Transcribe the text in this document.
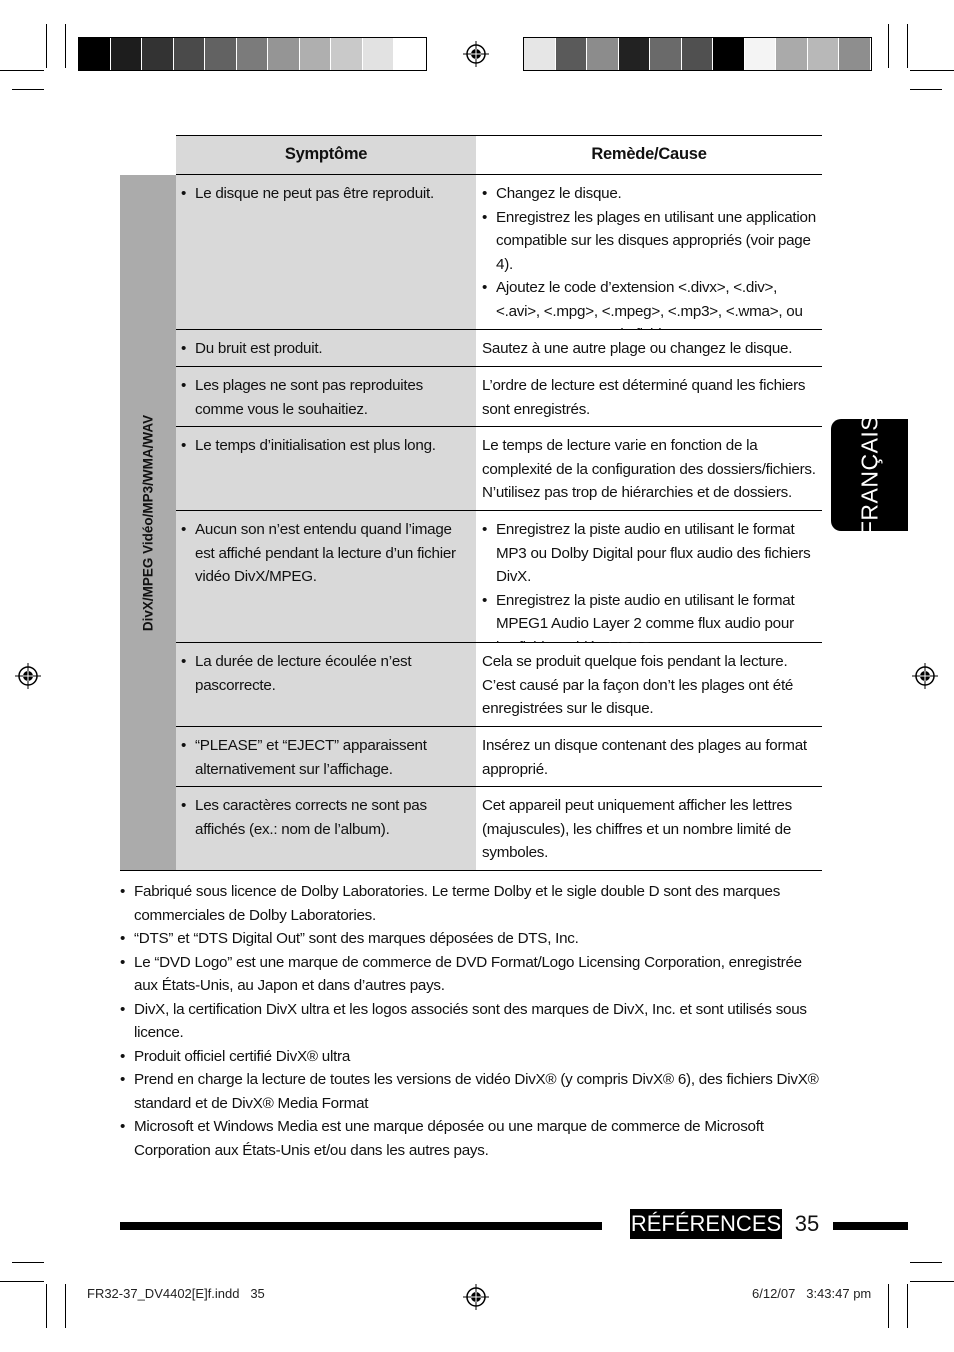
Symptôme	Remède/Cause
DivX/MPEG Vidéo/MP3/WMA/WAV
• Le disque ne peut pas être reproduit.
•	Changez le disque.
• Enregistrez les plages en utilisant une application compatible sur les disques appropriés (voir page 4).
• Ajoutez le code d’extension <.divx>, <.div>, <.avi>, <.mpg>, <.mpeg>, <.mp3>, <.wma>, ou
• Du bruit est produit.	Sautez à une autre plage ou changez le disque.
• Les plages ne sont pas reproduites comme vous le souhaitiez.
L’ordre de lecture est déterminé quand les fichiers sont enregistrés.
• Le temps d’initialisation est plus long.	Le temps de lecture varie en fonction de la complexité de la configuration des dossiers/fichiers. N’utilisez pas trop de hiérarchies et de dossiers.
• Aucun son n’est entendu quand l’image est affiché pendant la lecture d’un fichier vidéo DivX/MPEG.
• Enregistrez la piste audio en utilisant le format MP3 ou Dolby Digital pour flux audio des fichiers DivX.
• Enregistrez la piste audio en utilisant le format MPEG1 Audio Layer 2 comme flux audio pour
• La durée de lecture écoulée n’est pascorrecte.
Cela se produit quelque fois pendant la lecture. C’est causé par la façon don’t les plages ont été enregistrées sur le disque.
• “PLEASE” et “EJECT” apparaissent alternativement sur l’affichage.
Insérez un disque contenant des plages au format approprié.
• Les caractères corrects ne sont pas affichés (ex.: nom de l’album).
Cet appareil peut uniquement afficher les lettres (majuscules), les chiffres et un nombre limité de symboles.
• Fabriqué sous licence de Dolby Laboratories. Le terme Dolby et le sigle double D sont des marques commerciales de Dolby Laboratories.
• “DTS” et “DTS Digital Out” sont des marques déposées de DTS, Inc.
• Le “DVD Logo” est une marque de commerce de DVD Format/Logo Licensing Corporation, enregistrée aux États-Unis, au Japon et dans d’autres pays.
• DivX, la certification DivX ultra et les logos associés sont des marques de DivX, Inc. et sont utilisés sous licence.
• Produit officiel certifié DivX® ultra
• Prend en charge la lecture de toutes les versions de vidéo DivX® (y compris DivX® 6), des fichiers DivX® standard et de DivX® Media Format
• Microsoft et Windows Media est une marque déposée ou une marque de commerce de Microsoft Corporation aux États-Unis et/ou dans les autres pays.
FRANÇAIS
RÉFÉRENCES 35
FR32-37_DV4402[E]f.indd   35	6/12/07   3:43:47 pm
